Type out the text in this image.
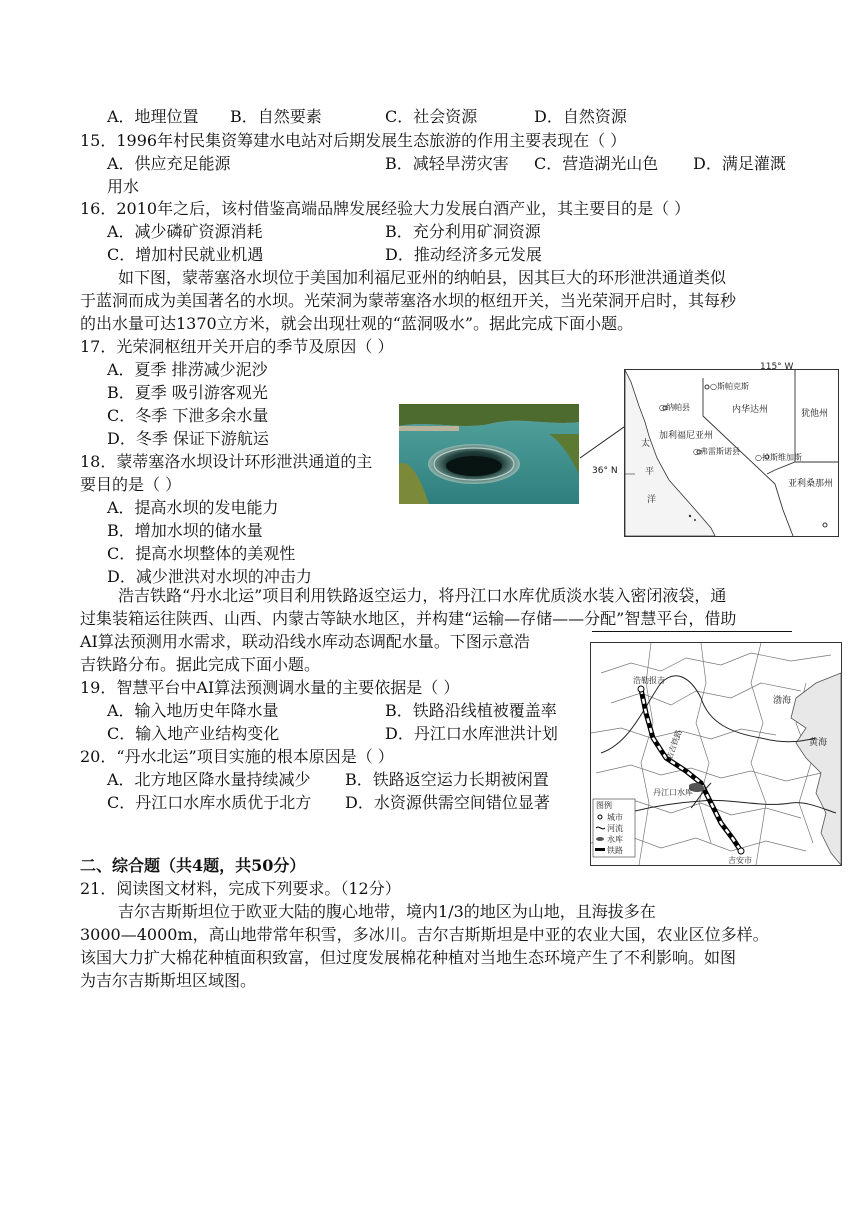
A．地理位置 B．自然要素	C．社会资源	D．自然资源
15．1996年村民集资筹建水电站对后期发展生态旅游的作用主要表现在（ ）
A．供应充足能源	B．减轻旱涝灾害 C．营造湖光山色 D．满足灌溉
用水
16．2010年之后，该村借鉴高端品牌发展经验大力发展白酒产业，其主要目的是（ ）
A．减少磷矿资源消耗	B．充分利用矿洞资源
C．增加村民就业机遇	D．推动经济多元发展
如下图，蒙蒂塞洛水坝位于美国加利福尼亚州的纳帕县，因其巨大的环形泄洪通道类似
于蓝洞而成为美国著名的水坝。光荣洞为蒙蒂塞洛水坝的枢纽开关，当光荣洞开启时，其每秒
的出水量可达1370立方米，就会出现壮观的“蓝洞吸水”。据此完成下面小题。
17．光荣洞枢纽开关开启的季节及原因（ ）
A．夏季 排涝减少泥沙
B．夏季 吸引游客观光
C．冬季 下泄多余水量
D．冬季 保证下游航运
18．蒙蒂塞洛水坝设计环形泄洪通道的主
要目的是（ ）
A．提高水坝的发电能力
B．增加水坝的储水量
C．提高水坝整体的美观性
D．减少泄洪对水坝的冲击力
115° W
○斯帕克斯
内华达州	犹他州
○纳帕县
加利福尼亚州
○弗雷斯诺县
○拉斯维加斯
亚利桑那州
太
平
洋
36° N
浩吉铁路“丹水北运”项目利用铁路返空运力，将丹江口水库优质淡水装入密闭液袋，通
过集装箱运往陕西、山西、内蒙古等缺水地区，并构建“运输—存储——分配”智慧平台，借助
AI算法预测用水需求，联动沿线水库动态调配水量。下图示意浩
吉铁路分布。据此完成下面小题。
19．智慧平台中AI算法预测调水量的主要依据是（ ）
A．输入地历史年降水量	B．铁路沿线植被覆盖率
C．输入地产业结构变化	D．丹江口水库泄洪计划
20．“丹水北运”项目实施的根本原因是（ ）
A．北方地区降水量持续减少 B．铁路返空运力长期被闲置
C．丹江口水库水质优于北方 D．水资源供需空间错位显著
浩勒报吉
浩吉铁路
丹江口水库
吉安市
渤海
黄海
图例
城市
河流
水库
铁路
二、综合题（共4题，共50分）
21．阅读图文材料，完成下列要求。（12分）
吉尔吉斯斯坦位于欧亚大陆的腹心地带，境内1/3的地区为山地，且海拔多在
3000—4000m，高山地带常年积雪，多冰川。吉尔吉斯斯坦是中亚的农业大国，农业区位多样。
该国大力扩大棉花种植面积致富，但过度发展棉花种植对当地生态环境产生了不利影响。如图
为吉尔吉斯斯坦区域图。
